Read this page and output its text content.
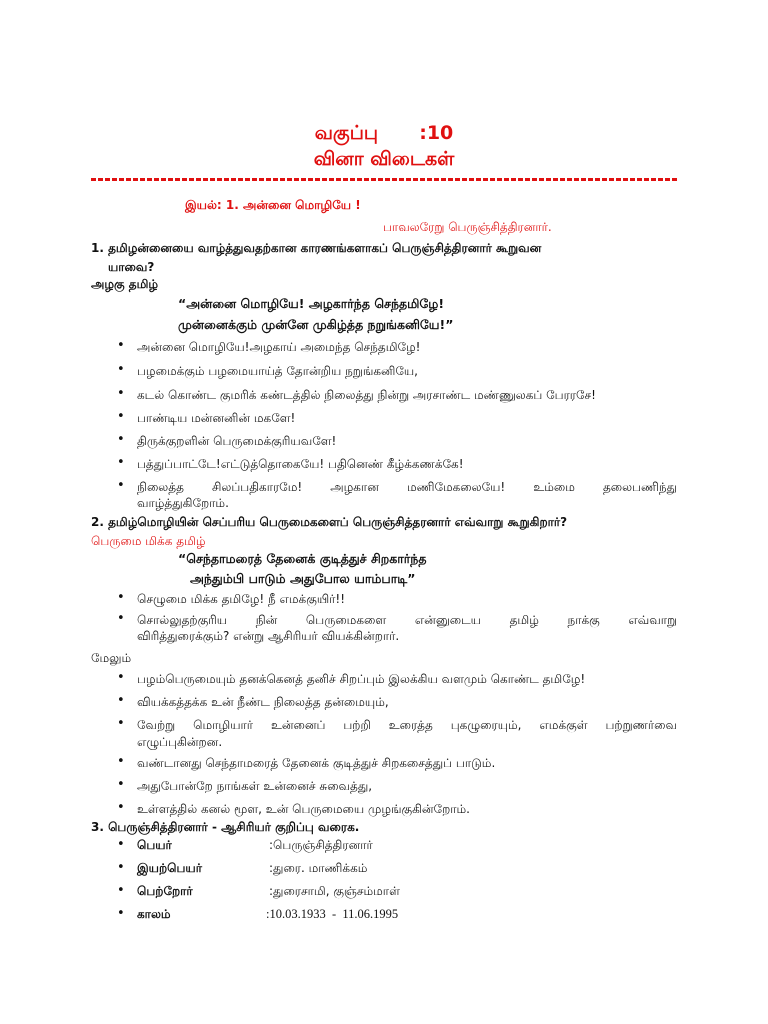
வகுப்பு :10
வினா விடைகள்
இயல்: 1. அன்னை மொழியே !
பாவலரேறு பெருஞ்சித்திரனார்.
1. தமிழன்னையை வாழ்த்துவதற்கான காரணங்களாகப் பெருஞ்சித்திரனார் கூறுவன
யாவை?
அழகு தமிழ்
“அன்னை மொழியே! அழகார்ந்த செந்தமிழே!
முன்னைக்கும் முன்னே முகிழ்த்த நறுங்கனியே!”
• அன்னை மொழியே!அழகாய் அமைந்த செந்தமிழே!
• பழமைக்கும் பழமையாய்த் தோன்றிய நறுங்கனியே,
• கடல் கொண்ட குமரிக் கண்டத்தில் நிலைத்து நின்று அரசாண்ட மண்ணுலகப் பேரரசே!
• பாண்டிய மன்னனின் மகளே!
• திருக்குறளின் பெருமைக்குரியவளே!
• பத்துப்பாட்டே!எட்டுத்தொகையே! பதினெண் கீழ்க்கணக்கே!
• நிலைத்த சிலப்பதிகாரமே! அழகான மணிமேகலையே! உம்மை தலைபணிந்து
வாழ்த்துகிறோம்.
2. தமிழ்மொழியின் செப்பரிய பெருமைகளைப் பெருஞ்சித்தரனார் எவ்வாறு கூறுகிறார்?
பெருமை மிக்க தமிழ்
“செந்தாமரைத் தேனைக் குடித்துச் சிறகார்ந்த
அந்தும்பி பாடும் அதுபோல யாம்பாடி”
• செழுமை மிக்க தமிழே! நீ எமக்குயிர்!!
• சொல்லுதற்குரிய நின் பெருமைகளை என்னுடைய தமிழ் நாக்கு எவ்வாறு
விரித்துரைக்கும்? என்று ஆசிரியர் வியக்கின்றார்.
மேலும்
• பழம்பெருமையும் தனக்கெனத் தனிச் சிறப்பும் இலக்கிய வளமும் கொண்ட தமிழே!
• வியக்கத்தக்க உன் நீண்ட நிலைத்த தன்மையும்,
• வேற்று மொழியார் உன்னைப் பற்றி உரைத்த புகழுரையும், எமக்குள் பற்றுணர்வை
எழுப்புகின்றன.
• வண்டானது செந்தாமரைத் தேனைக் குடித்துச் சிறகசைத்துப் பாடும்.
• அதுபோன்றே நாங்கள் உன்னைச் சுவைத்து,
• உள்ளத்தில் கனல் மூள, உன் பெருமையை முழங்குகின்றோம்.
3. பெருஞ்சித்திரனார் - ஆசிரியர் குறிப்பு வரைக.
• பெயர்	:பெருஞ்சித்திரனார்
• இயற்பெயர்	:துரை. மாணிக்கம்
• பெற்றோர்	:துரைசாமி, குஞ்சம்மாள்
• காலம்	:10.03.1933  -  11.06.1995
